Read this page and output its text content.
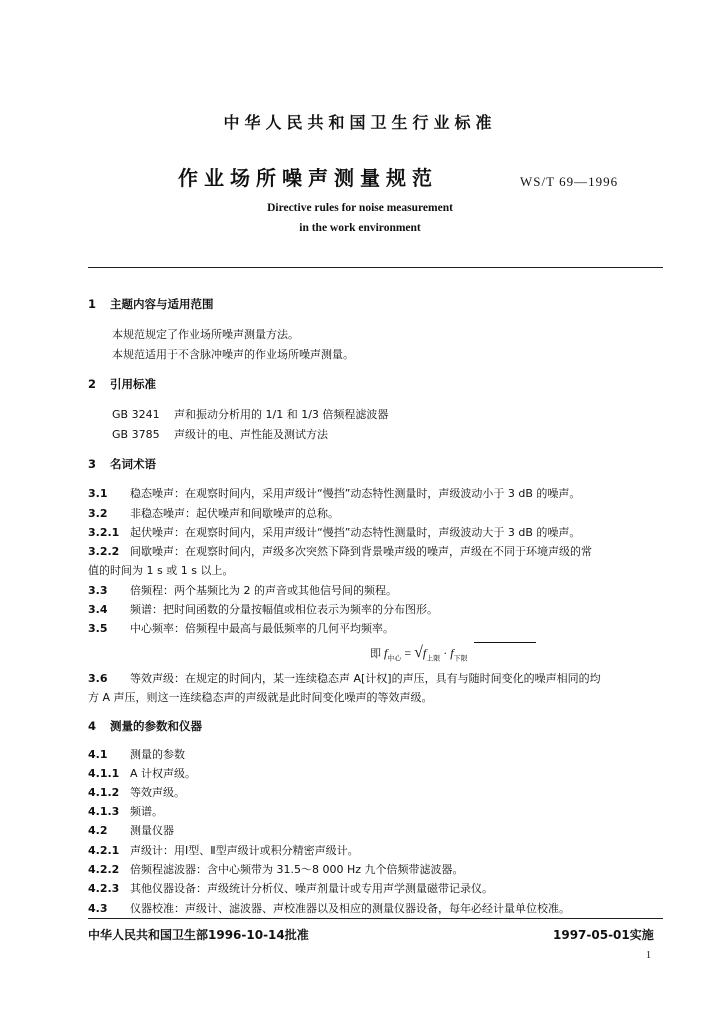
中华人民共和国卫生行业标准
作业场所噪声测量规范	WS/T 69—1996
Directive rules for noise measurement
in the work environment
1 主题内容与适用范围
本规范规定了作业场所噪声测量方法。
本规范适用于不含脉冲噪声的作业场所噪声测量。
2 引用标准
GB 3241 声和振动分析用的 1/1 和 1/3 倍频程滤波器
GB 3785 声级计的电、声性能及测试方法
3 名词术语
3.1 稳态噪声：在观察时间内，采用声级计“慢挡”动态特性测量时，声级波动小于 3 dB 的噪声。
3.2 非稳态噪声：起伏噪声和间歇噪声的总称。
3.2.1 起伏噪声：在观察时间内，采用声级计“慢挡”动态特性测量时，声级波动大于 3 dB 的噪声。
3.2.2 间歇噪声：在观察时间内，声级多次突然下降到背景噪声级的噪声，声级在不同于环境声级的常
值的时间为 1 s 或 1 s 以上。
3.3 倍频程：两个基频比为 2 的声音或其他信号间的频程。
3.4 频谱：把时间函数的分量按幅值或相位表示为频率的分布图形。
3.5 中心频率：倍频程中最高与最低频率的几何平均频率。
即 $f_{中心} = √f_{上限} \cdot f_{下限}$
3.6 等效声级：在规定的时间内，某一连续稳态声 A[计权]的声压，具有与随时间变化的噪声相同的均
方 A 声压，则这一连续稳态声的声级就是此时间变化噪声的等效声级。
4 测量的参数和仪器
4.1 测量的参数
4.1.1 A 计权声级。
4.1.2 等效声级。
4.1.3 频谱。
4.2 测量仪器
4.2.1 声级计：用Ⅰ型、Ⅱ型声级计或积分精密声级计。
4.2.2 倍频程滤波器：含中心频带为 31.5～8 000 Hz 九个倍频带滤波器。
4.2.3 其他仪器设备：声级统计分析仪、噪声剂量计或专用声学测量磁带记录仪。
4.3 仪器校准：声级计、滤波器、声校准器以及相应的测量仪器设备，每年必经计量单位校准。
中华人民共和国卫生部1996-10-14批准	1997-05-01实施
1
